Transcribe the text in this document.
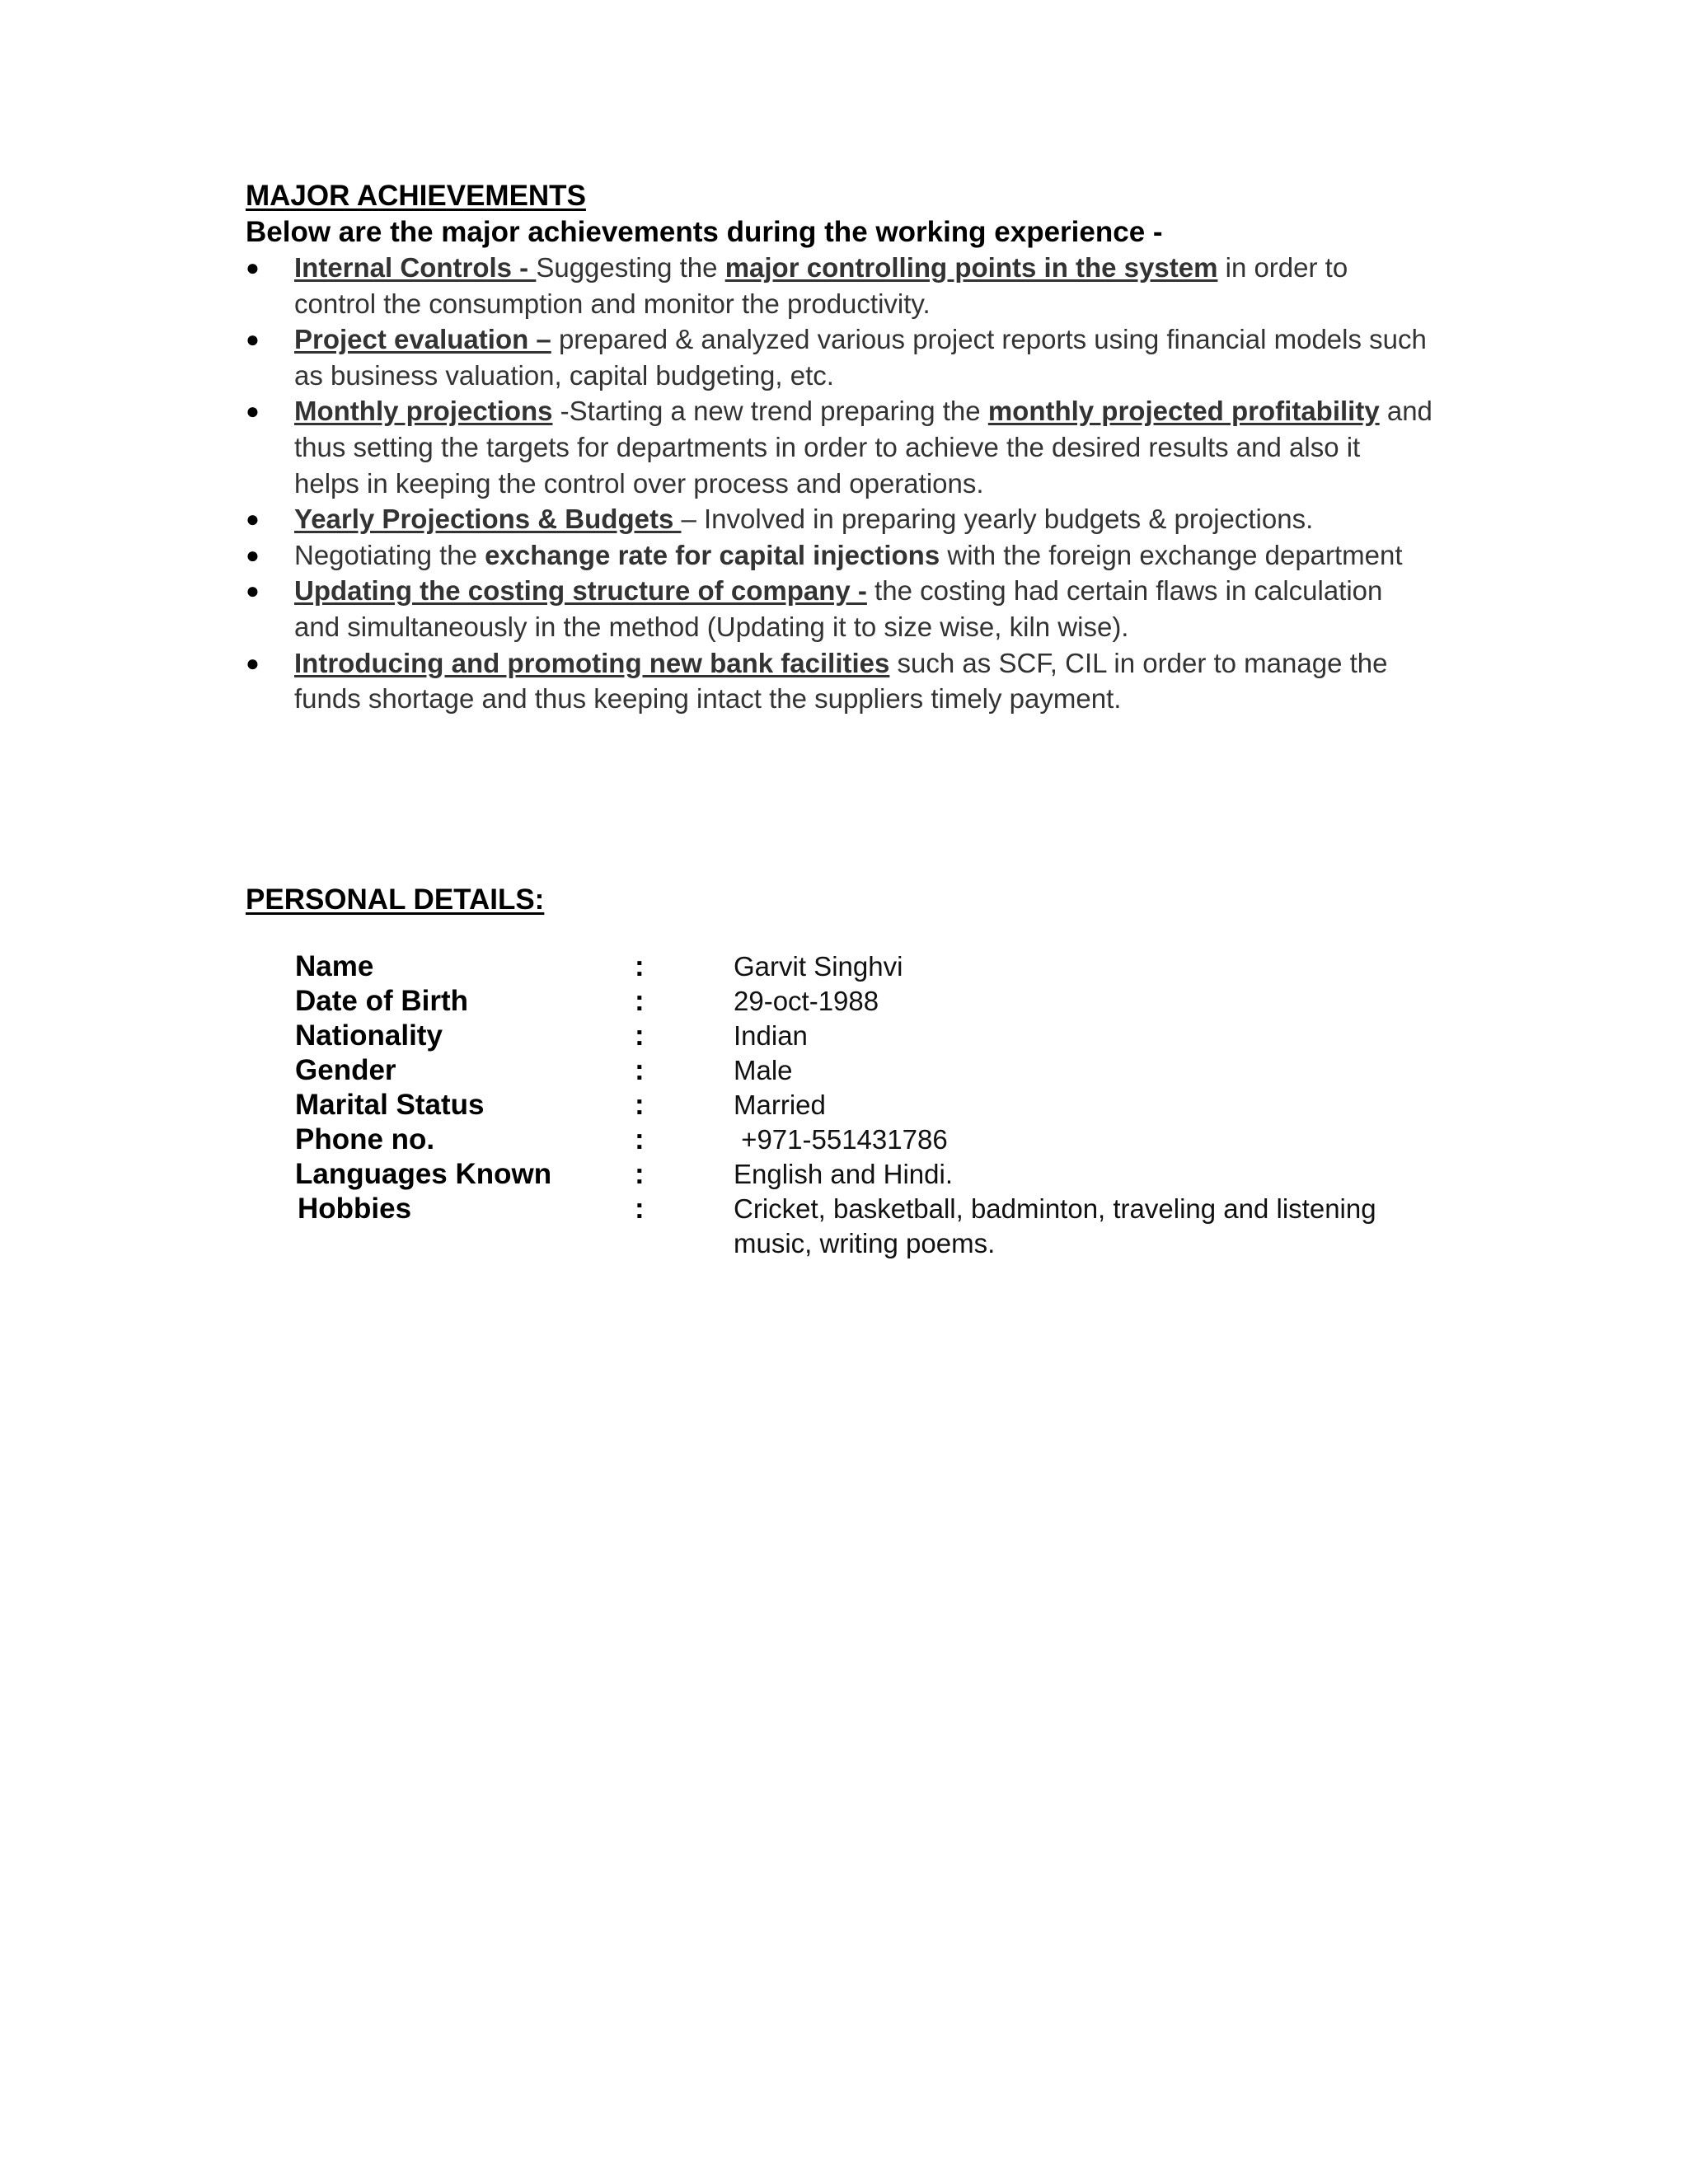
MAJOR ACHIEVEMENTS

Below are the major achievements during the working experience -

● Internal Controls - Suggesting the major controlling points in the system in order to control the consumption and monitor the productivity.
● Project evaluation – prepared & analyzed various project reports using financial models such as business valuation, capital budgeting, etc.
● Monthly projections -Starting a new trend preparing the monthly projected profitability and thus setting the targets for departments in order to achieve the desired results and also it helps in keeping the control over process and operations.
● Yearly Projections & Budgets – Involved in preparing yearly budgets & projections.
● Negotiating the exchange rate for capital injections with the foreign exchange department
● Updating the costing structure of company - the costing had certain flaws in calculation and simultaneously in the method (Updating it to size wise, kiln wise).
● Introducing and promoting new bank facilities such as SCF, CIL in order to manage the funds shortage and thus keeping intact the suppliers timely payment.
PERSONAL DETAILS:
Name	:	Garvit Singhvi
Date of Birth	:	29-oct-1988
Nationality	:	Indian
Gender	:	Male
Marital Status	:	Married
Phone no.	:	+971-551431786
Languages Known	:	English and Hindi.
Hobbies	:	Cricket, basketball, badminton, traveling and listening music, writing poems.
